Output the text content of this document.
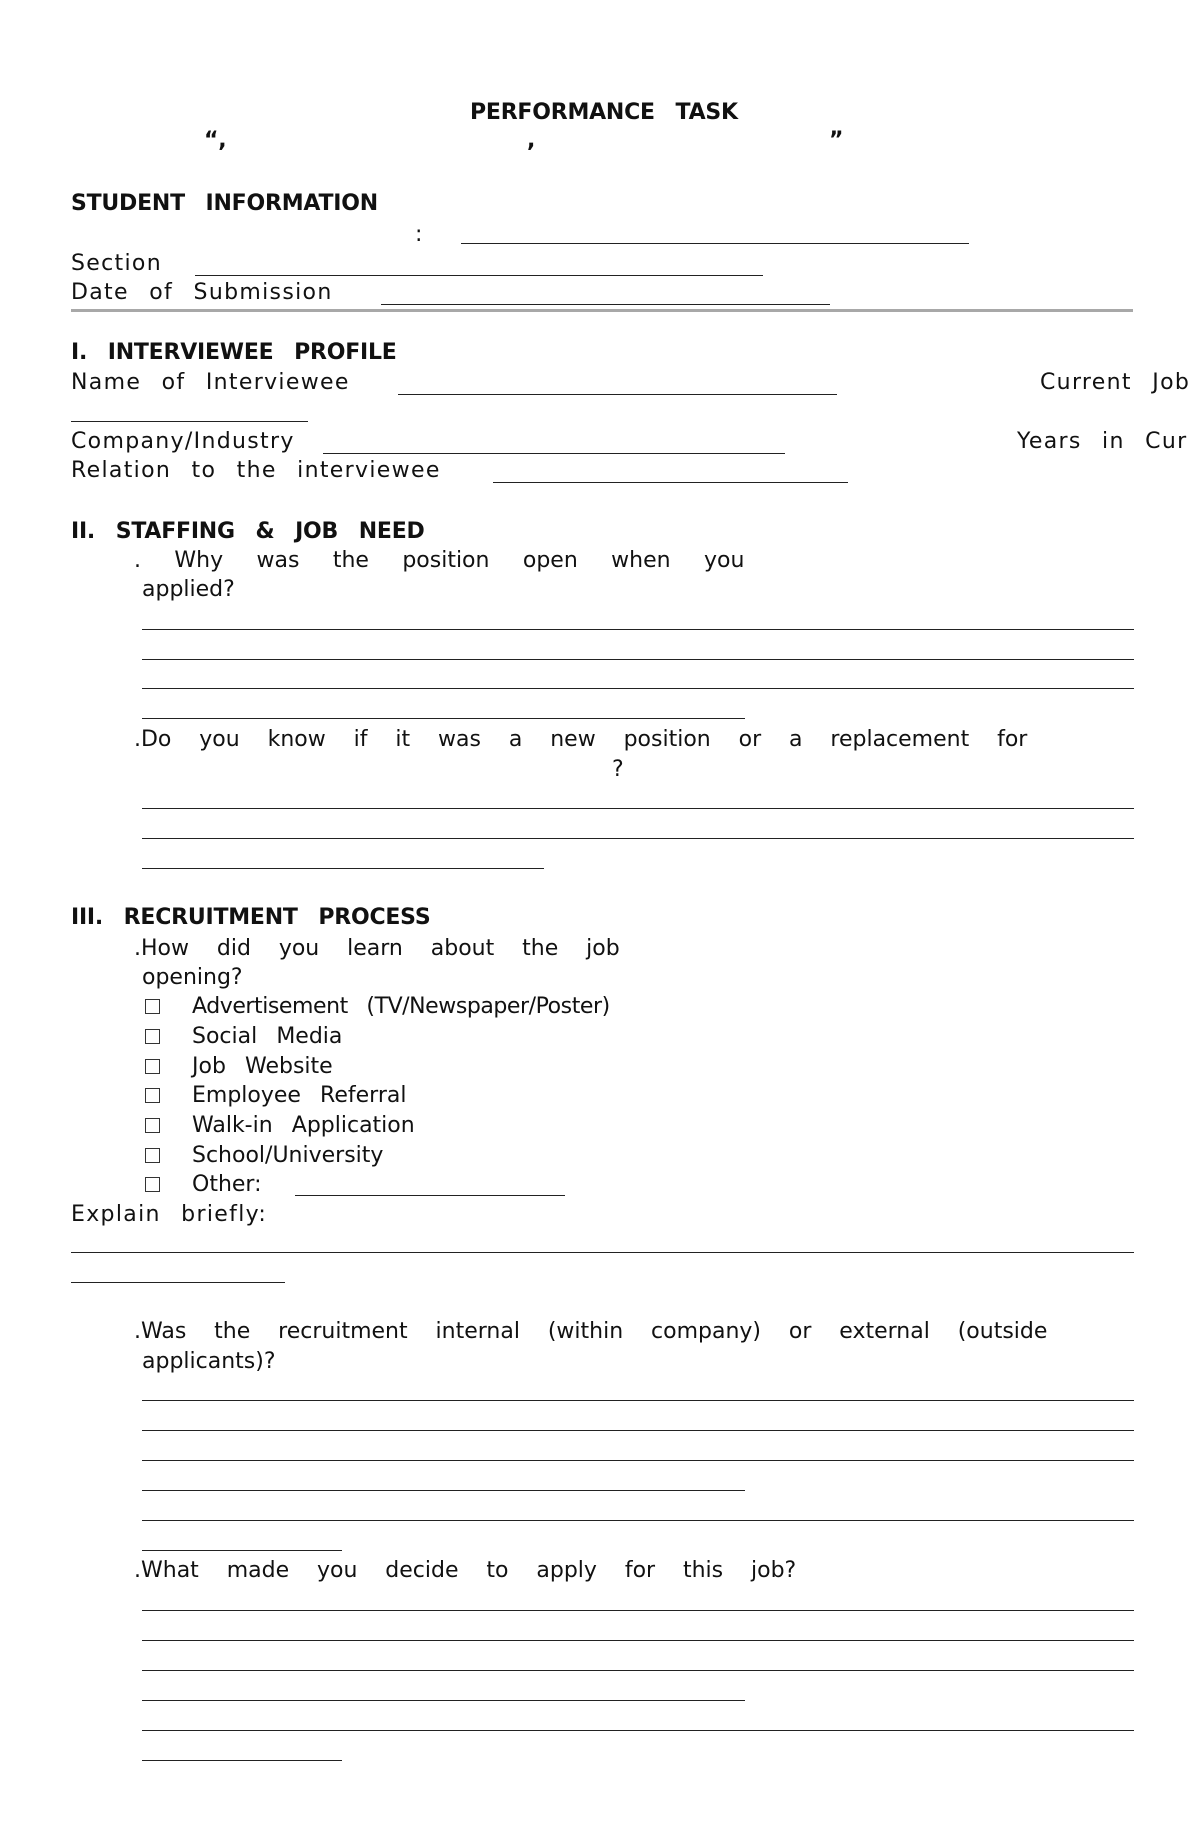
PERFORMANCE TASK
“,	,	”
STUDENT INFORMATION
:
Section
Date of Submission
I. INTERVIEWEE PROFILE
Name of Interviewee	Current Job
Company/Industry	Years in Cur
Relation to the interviewee
II. STAFFING & JOB NEED
. Why was the position open when you
applied?
.Do you know if it was a new position or a replacement for
?
III. RECRUITMENT PROCESS
.How did you learn about the job
opening?
Advertisement (TV/Newspaper/Poster)
Social Media
Job Website
Employee Referral
Walk-in Application
School/University
Other:
Explain briefly:
.Was the recruitment internal (within company) or external (outside
applicants)?
.What made you decide to apply for this job?
